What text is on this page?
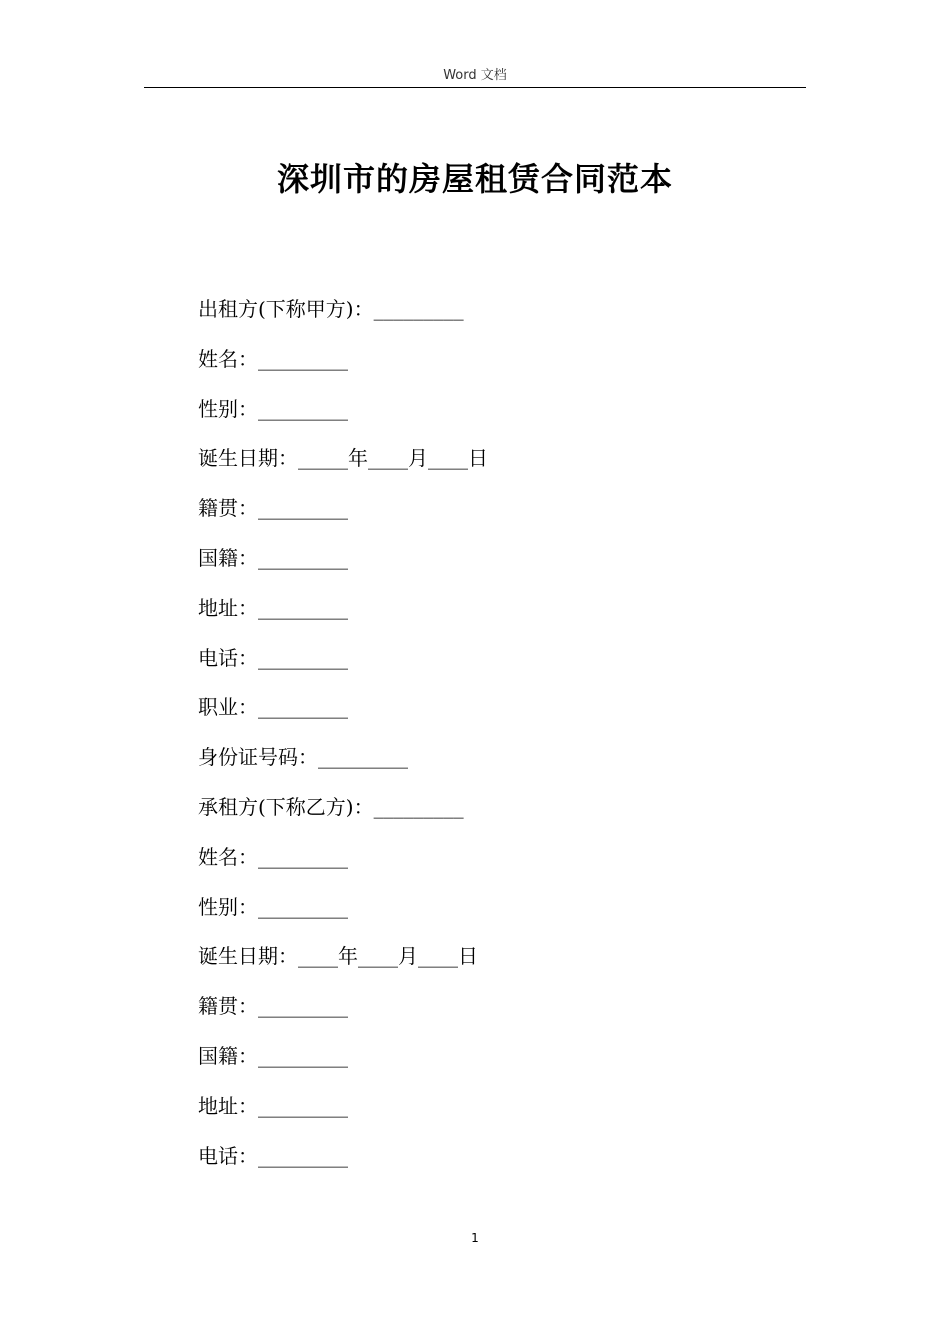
Word 文档
深圳市的房屋租赁合同范本
出租方(下称甲方)：_________
姓名：_________
性别：_________
诞生日期：_____年____月____日
籍贯：_________
国籍：_________
地址：_________
电话：_________
职业：_________
身份证号码：_________
承租方(下称乙方)：_________
姓名：_________
性别：_________
诞生日期：____年____月____日
籍贯：_________
国籍：_________
地址：_________
电话：_________
1
